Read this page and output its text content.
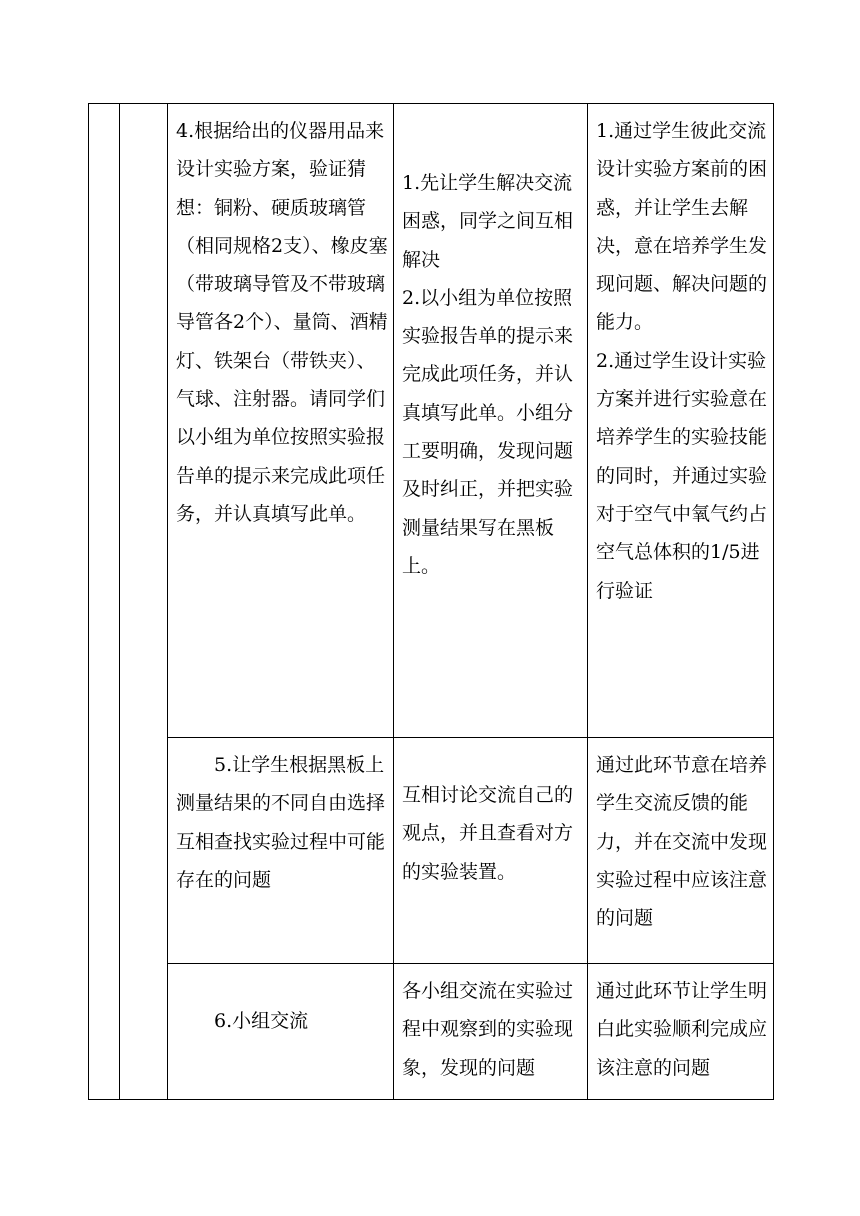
		4.根据给出的仪器用品来设计实验方案，验证猜想：铜粉、硬质玻璃管（相同规格2支）、橡皮塞（带玻璃导管及不带玻璃导管各2个）、量筒、酒精灯、铁架台（带铁夹）、气球、注射器。请同学们以小组为单位按照实验报告单的提示来完成此项任务，并认真填写此单。	1.先让学生解决交流困惑，同学之间互相解决
2.以小组为单位按照实验报告单的提示来完成此项任务，并认真填写此单。小组分工要明确，发现问题及时纠正，并把实验测量结果写在黑板上。	1.通过学生彼此交流设计实验方案前的困惑，并让学生去解决，意在培养学生发现问题、解决问题的能力。
2.通过学生设计实验方案并进行实验意在培养学生的实验技能的同时，并通过实验对于空气中氧气约占空气总体积的1/5进行验证

		5.让学生根据黑板上测量结果的不同自由选择互相查找实验过程中可能存在的问题	互相讨论交流自己的观点，并且查看对方的实验装置。	通过此环节意在培养学生交流反馈的能力，并在交流中发现实验过程中应该注意的问题

		6.小组交流	各小组交流在实验过程中观察到的实验现象，发现的问题	通过此环节让学生明白此实验顺利完成应该注意的问题
